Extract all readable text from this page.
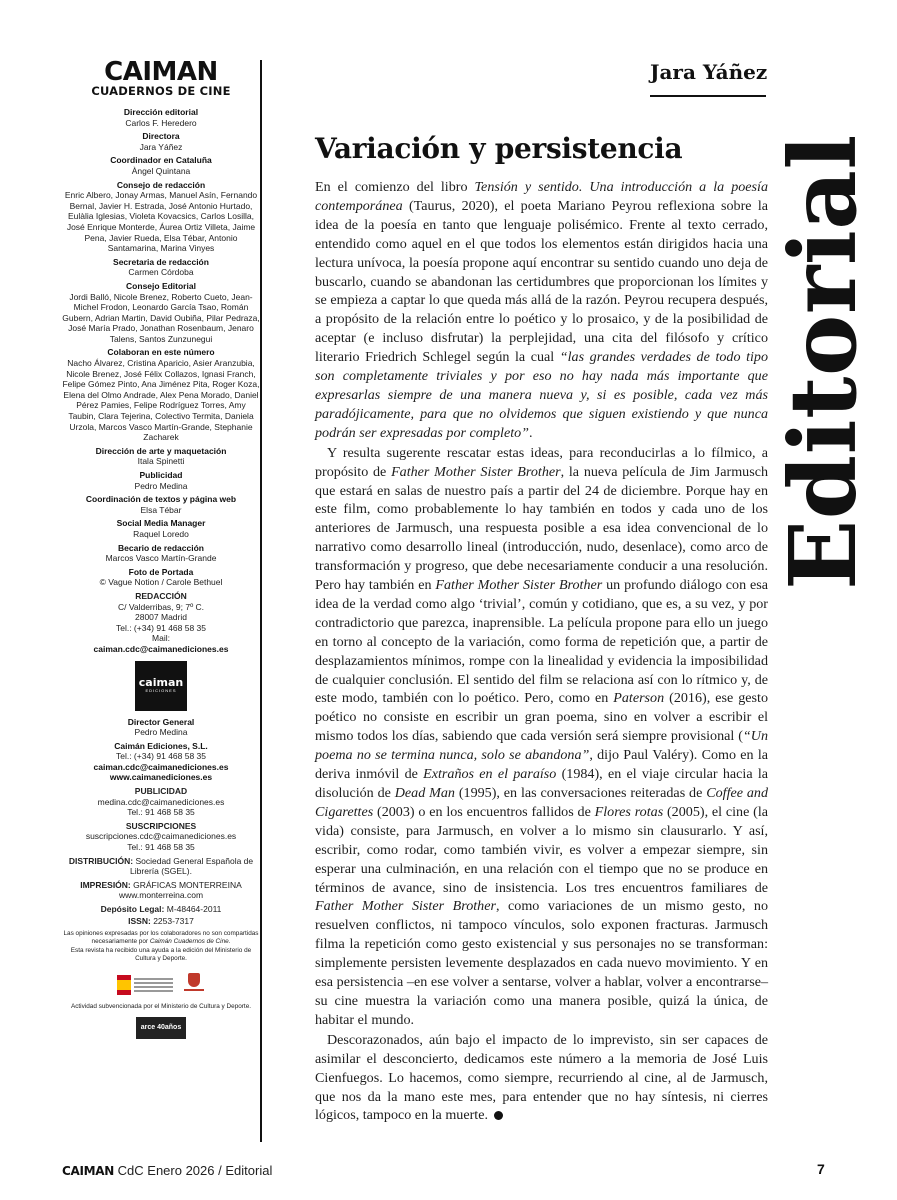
CAIMAN
CUADERNOS DE CINE
Dirección editorial
Carlos F. Heredero
Directora
Jara Yáñez
Coordinador en Cataluña
Àngel Quintana
Consejo de redacción
Enric Albero, Jonay Armas, Manuel Asín, Fernando Bernal, Javier H. Estrada, José Antonio Hurtado, Eulàlia Iglesias, Violeta Kovacsics, Carlos Losilla, José Enrique Monterde, Áurea Ortiz Villeta, Jaime Pena, Javier Rueda, Elsa Tébar, Antonio Santamarina, Marina Vinyes
Secretaria de redacción
Carmen Córdoba
Consejo Editorial
Jordi Balló, Nicole Brenez, Roberto Cueto, Jean-Michel Frodon, Leonardo García Tsao, Román Gubern, Adrian Martin, David Oubiña, Pilar Pedraza, José María Prado, Jonathan Rosenbaum, Jenaro Talens, Santos Zunzunegui
Colaboran en este número
Nacho Álvarez, Cristina Aparicio, Asier Aranzubia, Nicole Brenez, José Félix Collazos, Ignasi Franch, Felipe Gómez Pinto, Ana Jiménez Pita, Roger Koza, Elena del Olmo Andrade, Alex Pena Morado, Daniel Pérez Pamies, Felipe Rodríguez Torres, Amy Taubin, Clara Tejerina, Colectivo Termita, Daniela Urzola, Marcos Vasco Martín-Grande, Stephanie Zacharek
Dirección de arte y maquetación
Itala Spinetti
Publicidad
Pedro Medina
Coordinación de textos y página web
Elsa Tébar
Social Media Manager
Raquel Loredo
Becario de redacción
Marcos Vasco Martín-Grande
Foto de Portada
© Vague Notion / Carole Bethuel
REDACCIÓN
C/ Valderribas, 9; 7º C.
28007 Madrid
Tel.: (+34) 91 468 58 35
Mail:
caiman.cdc@caimanediciones.es
caiman
EDICIONES
Director General
Pedro Medina
Caimán Ediciones, S.L.
Tel.: (+34) 91 468 58 35
caiman.cdc@caimanediciones.es
www.caimanediciones.es
PUBLICIDAD
medina.cdc@caimanediciones.es
Tel.: 91 468 58 35
SUSCRIPCIONES
suscripciones.cdc@caimanediciones.es
Tel.: 91 468 58 35
DISTRIBUCIÓN: Sociedad General Española de Librería (SGEL).
IMPRESIÓN: GRÁFICAS MONTERREINA
www.monterreina.com
Depósito Legal: M-48464-2011
ISSN: 2253-7317
Las opiniones expresadas por los colaboradores no son compartidas necesariamente por Caimán Cuadernos de Cine.
Esta revista ha recibido una ayuda a la edición del Ministerio de Cultura y Deporte.
Actividad subvencionada por el Ministerio de Cultura y Deporte.
arce 40años
Jara Yáñez
Editorial
Variación y persistencia

En el comienzo del libro Tensión y sentido. Una introducción a la poesía contemporánea (Taurus, 2020), el poeta Mariano Peyrou reflexiona sobre la idea de la poesía en tanto que lenguaje polisémico. Frente al texto cerrado, entendido como aquel en el que todos los elementos están dirigidos hacia una lectura unívoca, la poesía propone aquí encontrar su sentido cuando uno deja de buscarlo, cuando se abandonan las certidumbres que proporcionan los límites y se empieza a captar lo que queda más allá de la razón. Peyrou recupera después, a propósito de la relación entre lo poético y lo prosaico, y de la posibilidad de aceptar (e incluso disfrutar) la perplejidad, una cita del filósofo y crítico literario Friedrich Schlegel según la cual “las grandes verdades de todo tipo son completamente triviales y por eso no hay nada más importante que expresarlas siempre de una manera nueva y, si es posible, cada vez más paradójicamente, para que no olvidemos que siguen existiendo y que nunca podrán ser expresadas por completo”.

Y resulta sugerente rescatar estas ideas, para reconducirlas a lo fílmico, a propósito de Father Mother Sister Brother, la nueva película de Jim Jarmusch que estará en salas de nuestro país a partir del 24 de diciembre. Porque hay en este film, como probablemente lo hay también en todos y cada uno de los anteriores de Jarmusch, una respuesta posible a esa idea convencional de lo narrativo como desarrollo lineal (introducción, nudo, desenlace), como arco de transformación y progreso, que debe necesariamente conducir a una resolución. Pero hay también en Father Mother Sister Brother un profundo diálogo con esa idea de la verdad como algo ‘trivial’, común y cotidiano, que es, a su vez, y por contradictorio que parezca, inaprensible. La película propone para ello un juego en torno al concepto de la variación, como forma de repetición que, a partir de desplazamientos mínimos, rompe con la linealidad y evidencia la imposibilidad de cualquier conclusión. El sentido del film se relaciona así con lo rítmico y, de este modo, también con lo poético. Pero, como en Paterson (2016), ese gesto poético no consiste en escribir un gran poema, sino en volver a escribir el mismo todos los días, sabiendo que cada versión será siempre provisional (“Un poema no se termina nunca, solo se abandona”, dijo Paul Valéry). Como en la deriva inmóvil de Extraños en el paraíso (1984), en el viaje circular hacia la disolución de Dead Man (1995), en las conversaciones reiteradas de Coffee and Cigarettes (2003) o en los encuentros fallidos de Flores rotas (2005), el cine (la vida) consiste, para Jarmusch, en volver a lo mismo sin clausurarlo. Y así, escribir, como rodar, como también vivir, es volver a empezar siempre, sin esperar una culminación, en una relación con el tiempo que no se produce en términos de avance, sino de insistencia. Los tres encuentros familiares de Father Mother Sister Brother, como variaciones de un mismo gesto, no resuelven conflictos, ni tampoco vínculos, solo exponen fracturas. Jarmusch filma la repetición como gesto existencial y sus personajes no se transforman: simplemente persisten levemente desplazados en cada nuevo movimiento. Y en esa persistencia –en ese volver a sentarse, volver a hablar, volver a encontrarse– su cine muestra la variación como una manera posible, quizá la única, de habitar el mundo.

Descorazonados, aún bajo el impacto de lo imprevisto, sin ser capaces de asimilar el desconcierto, dedicamos este número a la memoria de José Luis Cienfuegos. Lo hacemos, como siempre, recurriendo al cine, al de Jarmusch, que nos da la mano este mes, para entender que no hay síntesis, ni cierres lógicos, tampoco en la muerte.

CAIMAN CdC Enero 2026 / Editorial	7
